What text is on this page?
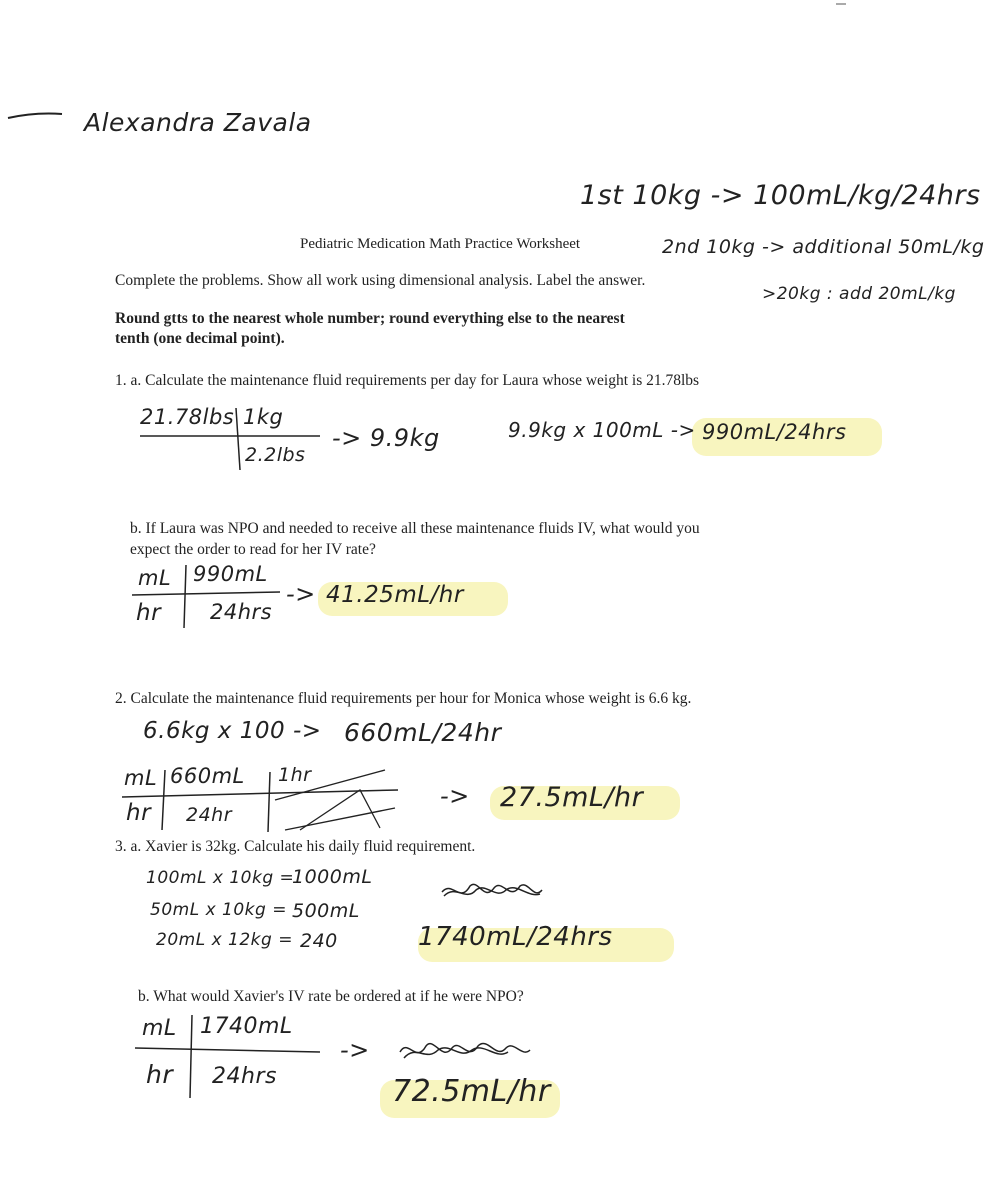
Alexandra Zavala
1st 10kg -> 100mL/kg/24hrs
2nd 10kg -> additional 50mL/kg
>20kg : add 20mL/kg
Pediatric Medication Math Practice Worksheet
Complete the problems. Show all work using dimensional analysis. Label the answer.
Round gtts to the nearest whole number; round everything else to the nearest
tenth (one decimal point).
1. a. Calculate the maintenance fluid requirements per day for Laura whose weight is 21.78lbs
21.78lbs 1kg
2.2lbs
-> 9.9kg	9.9kg x 100mL -> 990mL/24hrs
b. If Laura was NPO and needed to receive all these maintenance fluids IV, what would you
expect the order to read for her IV rate?
mL 990mL
hr 24hrs
-> 41.25mL/hr
2. Calculate the maintenance fluid requirements per hour for Monica whose weight is 6.6 kg.
6.6kg x 100 -> 660mL/24hr
mL 660mL 1hr
hr 24hr
-> 27.5mL/hr
3. a. Xavier is 32kg. Calculate his daily fluid requirement.
100mL x 10kg =
1000mL
50mL x 10kg = 500mL
20mL x 12kg = 240	1740mL/24hrs
b. What would Xavier's IV rate be ordered at if he were NPO?
mL 1740mL
hr 24hrs
->
72.5mL/hr
